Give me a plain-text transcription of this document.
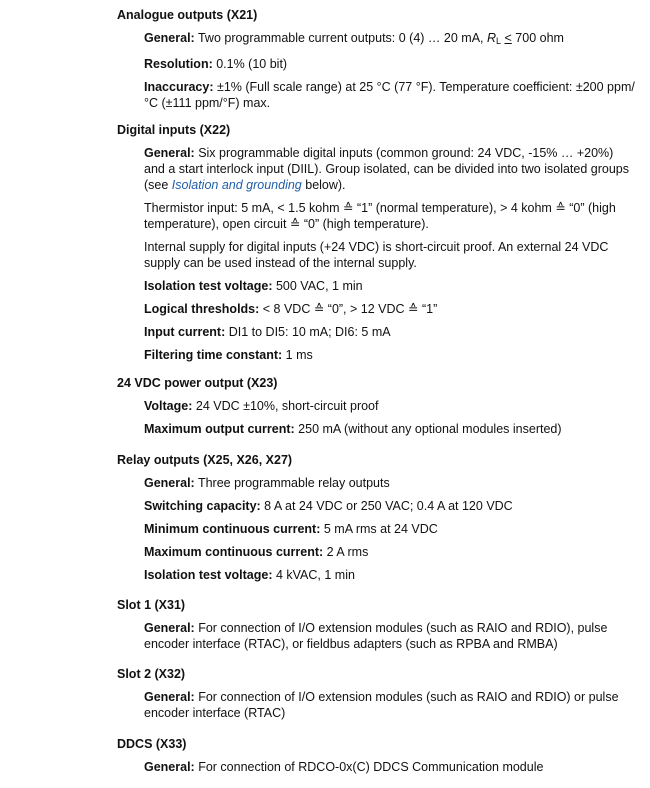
Analogue outputs (X21)
General: Two programmable current outputs: 0 (4) … 20 mA, $R_L \le 700$ ohm
Resolution: 0.1% (10 bit)
Inaccuracy: ±1% (Full scale range) at 25 °C (77 °F). Temperature coefficient: ±200 ppm/°C (±111 ppm/°F) max.
Digital inputs (X22)
General: Six programmable digital inputs (common ground: 24 VDC, -15% … +20%) and a start interlock input (DIIL). Group isolated, can be divided into two isolated groups (see Isolation and grounding below).
Thermistor input: 5 mA, < 1.5 kohm ≙ “1” (normal temperature), > 4 kohm ≙ “0” (high temperature), open circuit ≙ “0” (high temperature).
Internal supply for digital inputs (+24 VDC) is short-circuit proof. An external 24 VDC supply can be used instead of the internal supply.
Isolation test voltage: 500 VAC, 1 min
Logical thresholds: < 8 VDC ≙ “0”, > 12 VDC ≙ “1”
Input current: DI1 to DI5: 10 mA; DI6: 5 mA
Filtering time constant: 1 ms
24 VDC power output (X23)
Voltage: 24 VDC ±10%, short-circuit proof
Maximum output current: 250 mA (without any optional modules inserted)
Relay outputs (X25, X26, X27)
General: Three programmable relay outputs
Switching capacity: 8 A at 24 VDC or 250 VAC; 0.4 A at 120 VDC
Minimum continuous current: 5 mA rms at 24 VDC
Maximum continuous current: 2 A rms
Isolation test voltage: 4 kVAC, 1 min
Slot 1 (X31)
General: For connection of I/O extension modules (such as RAIO and RDIO), pulse encoder interface (RTAC), or fieldbus adapters (such as RPBA and RMBA)
Slot 2 (X32)
General: For connection of I/O extension modules (such as RAIO and RDIO) or pulse encoder interface (RTAC)
DDCS (X33)
General: For connection of RDCO-0x(C) DDCS Communication module
